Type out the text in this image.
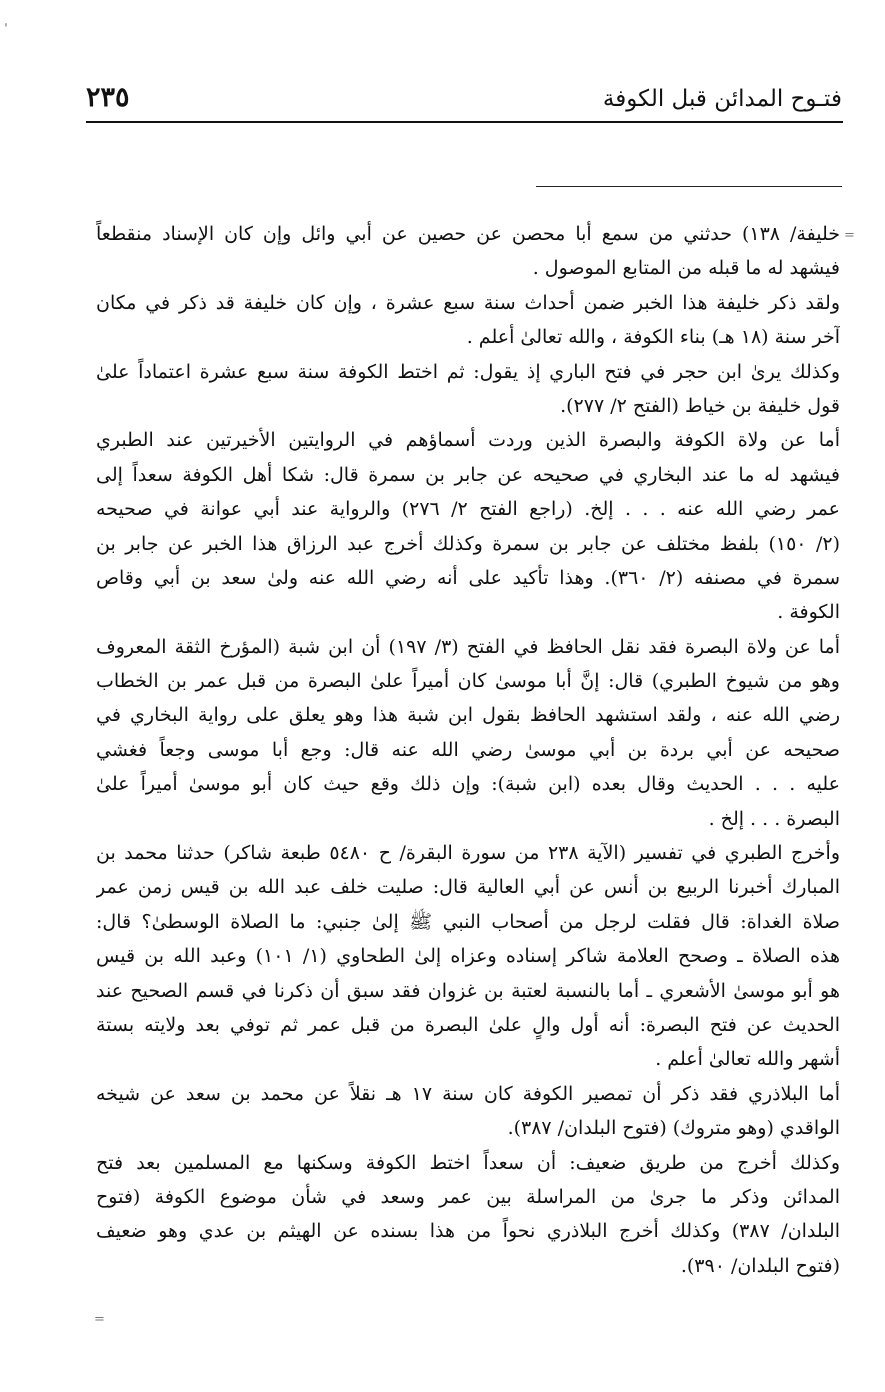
ˈ
فتـوح المدائن قبل الكوفة
٢٣٥
=
=
خليفة/ ١٣٨) حدثني من سمع أبا محصن عن حصين عن أبي وائل وإن كان الإسناد منقطعاً
فيشهد له ما قبله من المتابع الموصول .
ولقد ذكر خليفة هذا الخبر ضمن أحداث سنة سبع عشرة ، وإن كان خليفة قد ذكر في مكان
آخر سنة (١٨ هـ) بناء الكوفة ، والله تعالىٰ أعلم .
وكذلك يرىٰ ابن حجر في فتح الباري إذ يقول: ثم اختط الكوفة سنة سبع عشرة اعتماداً علىٰ
قول خليفة بن خياط (الفتح ٢/ ٢٧٧).
أما عن ولاة الكوفة والبصرة الذين وردت أسماؤهم في الروايتين الأخيرتين عند الطبري
فيشهد له ما عند البخاري في صحيحه عن جابر بن سمرة قال: شكا أهل الكوفة سعداً إلى
عمر رضي الله عنه . . . إلخ. (راجع الفتح ٢/ ٢٧٦) والرواية عند أبي عوانة في صحيحه
(٢/ ١٥٠) بلفظ مختلف عن جابر بن سمرة وكذلك أخرج عبد الرزاق هذا الخبر عن جابر بن
سمرة في مصنفه (٢/ ٣٦٠). وهذا تأكيد على أنه رضي الله عنه ولىٰ سعد بن أبي وقاص
الكوفة .
أما عن ولاة البصرة فقد نقل الحافظ في الفتح (٣/ ١٩٧) أن ابن شبة (المؤرخ الثقة المعروف
وهو من شيوخ الطبري) قال: إنَّ أبا موسىٰ كان أميراً علىٰ البصرة من قبل عمر بن الخطاب
رضي الله عنه ، ولقد استشهد الحافظ بقول ابن شبة هذا وهو يعلق على رواية البخاري في
صحيحه عن أبي بردة بن أبي موسىٰ رضي الله عنه قال: وجع أبا موسى وجعاً فغشي
عليه . . . الحديث وقال بعده (ابن شبة): وإن ذلك وقع حيث كان أبو موسىٰ أميراً علىٰ
البصرة . . . إلخ .
وأخرج الطبري في تفسير (الآية ٢٣٨ من سورة البقرة/ ح ٥٤٨٠ طبعة شاكر) حدثنا محمد بن
المبارك أخبرنا الربيع بن أنس عن أبي العالية قال: صليت خلف عبد الله بن قيس زمن عمر
صلاة الغداة: قال فقلت لرجل من أصحاب النبي ﷺ إلىٰ جنبي: ما الصلاة الوسطىٰ؟ قال:
هذه الصلاة ـ وصحح العلامة شاكر إسناده وعزاه إلىٰ الطحاوي (١/ ١٠١) وعبد الله بن قيس
هو أبو موسىٰ الأشعري ـ أما بالنسبة لعتبة بن غزوان فقد سبق أن ذكرنا في قسم الصحيح عند
الحديث عن فتح البصرة: أنه أول والٍ علىٰ البصرة من قبل عمر ثم توفي بعد ولايته بستة
أشهر والله تعالىٰ أعلم .
أما البلاذري فقد ذكر أن تمصير الكوفة كان سنة ١٧ هـ نقلاً عن محمد بن سعد عن شيخه
الواقدي (وهو متروك) (فتوح البلدان/ ٣٨٧).
وكذلك أخرج من طريق ضعيف: أن سعداً اختط الكوفة وسكنها مع المسلمين بعد فتح
المدائن وذكر ما جرىٰ من المراسلة بين عمر وسعد في شأن موضوع الكوفة (فتوح
البلدان/ ٣٨٧) وكذلك أخرج البلاذري نحواً من هذا بسنده عن الهيثم بن عدي وهو ضعيف
(فتوح البلدان/ ٣٩٠).
